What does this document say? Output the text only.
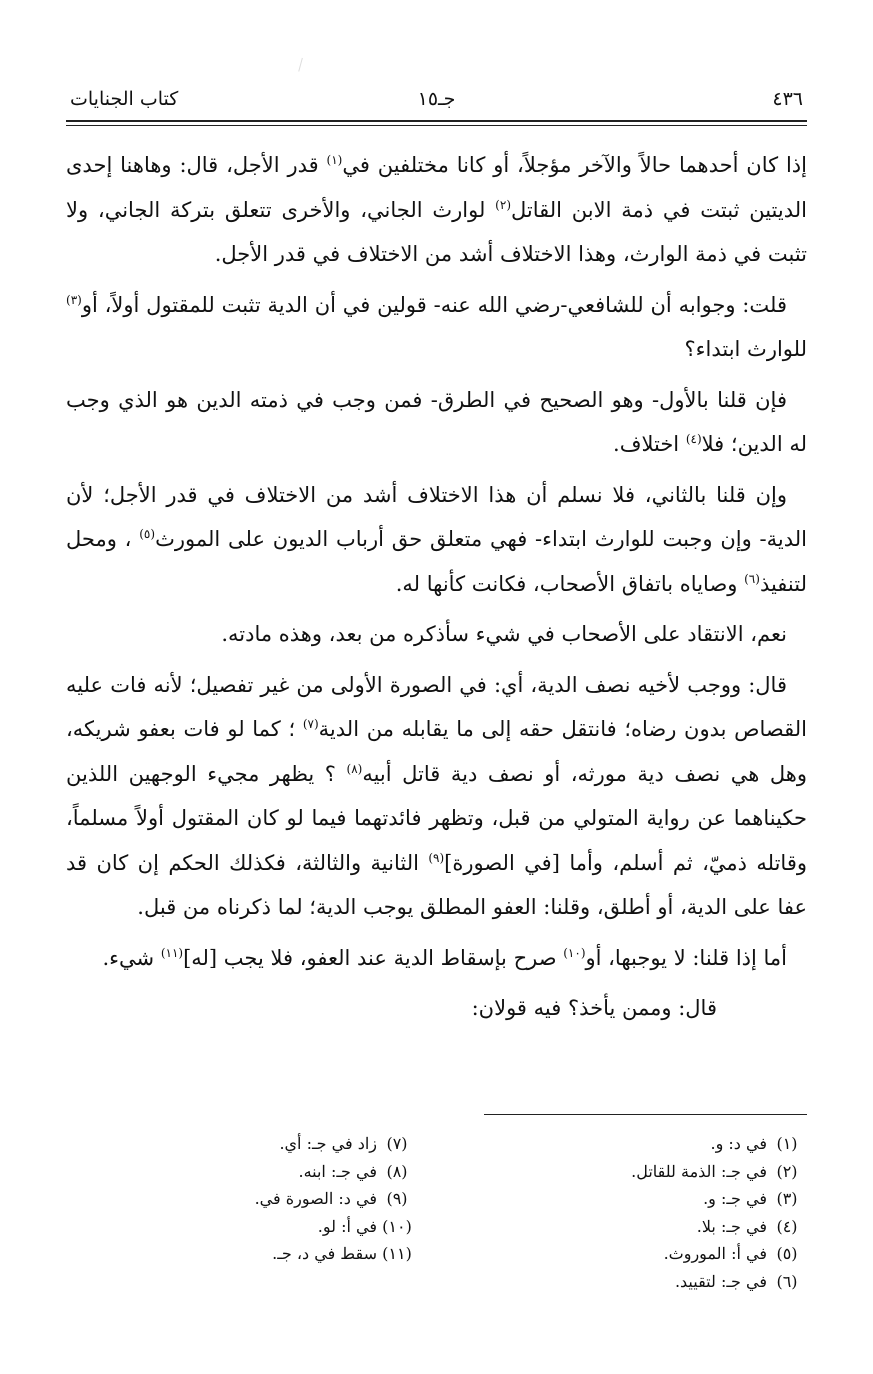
٤٣٦
جـ١٥
كتاب الجنايات

إذا كان أحدهما حالاً والآخر مؤجلاً، أو كانا مختلفين في$^{(١)}$ قدر الأجل، قال: وهاهنا إحدى الديتين ثبتت في ذمة الابن القاتل$^{(٢)}$ لوارث الجاني، والأخرى تتعلق بتركة الجاني، ولا تثبت في ذمة الوارث، وهذا الاختلاف أشد من الاختلاف في قدر الأجل.

قلت: وجوابه أن للشافعي-رضي الله عنه- قولين في أن الدية تثبت للمقتول أولاً، أو$^{(٣)}$ للوارث ابتداء؟

فإن قلنا بالأول- وهو الصحيح في الطرق- فمن وجب في ذمته الدين هو الذي وجب له الدين؛ فلا$^{(٤)}$ اختلاف.

وإن قلنا بالثاني، فلا نسلم أن هذا الاختلاف أشد من الاختلاف في قدر الأجل؛ لأن الدية- وإن وجبت للوارث ابتداء- فهي متعلق حق أرباب الديون على المورث$^{(٥)}$ ، ومحل لتنفيذ$^{(٦)}$ وصاياه باتفاق الأصحاب، فكانت كأنها له.

نعم، الانتقاد على الأصحاب في شيء سأذكره من بعد، وهذه مادته.

قال: ووجب لأخيه نصف الدية، أي: في الصورة الأولى من غير تفصيل؛ لأنه فات عليه القصاص بدون رضاه؛ فانتقل حقه إلى ما يقابله من الدية$^{(٧)}$ ؛ كما لو فات بعفو شريكه، وهل هي نصف دية مورثه، أو نصف دية قاتل أبيه$^{(٨)}$ ؟ يظهر مجيء الوجهين اللذين حكيناهما عن رواية المتولي من قبل، وتظهر فائدتهما فيما لو كان المقتول أولاً مسلماً، وقاتله ذميّ، ثم أسلم، وأما [في الصورة]$^{(٩)}$ الثانية والثالثة، فكذلك الحكم إن كان قد عفا على الدية، أو أطلق، وقلنا: العفو المطلق يوجب الدية؛ لما ذكرناه من قبل.

أما إذا قلنا: لا يوجبها، أو$^{(١٠)}$ صرح بإسقاط الدية عند العفو، فلا يجب [له]$^{(١١)}$ شيء.

قال: وممن يأخذ؟ فيه قولان:

(١)في د: و.
(٢)في جـ: الذمة للقاتل.
(٣)في جـ: و.
(٤)في جـ: بلا.
(٥)في أ: الموروث.
(٦)في جـ: لتقييد.
(٧)زاد في جـ: أي.
(٨)في جـ: ابنه.
(٩)في د: الصورة في.
(١٠)في أ: لو.
(١١)سقط في د، جـ.
